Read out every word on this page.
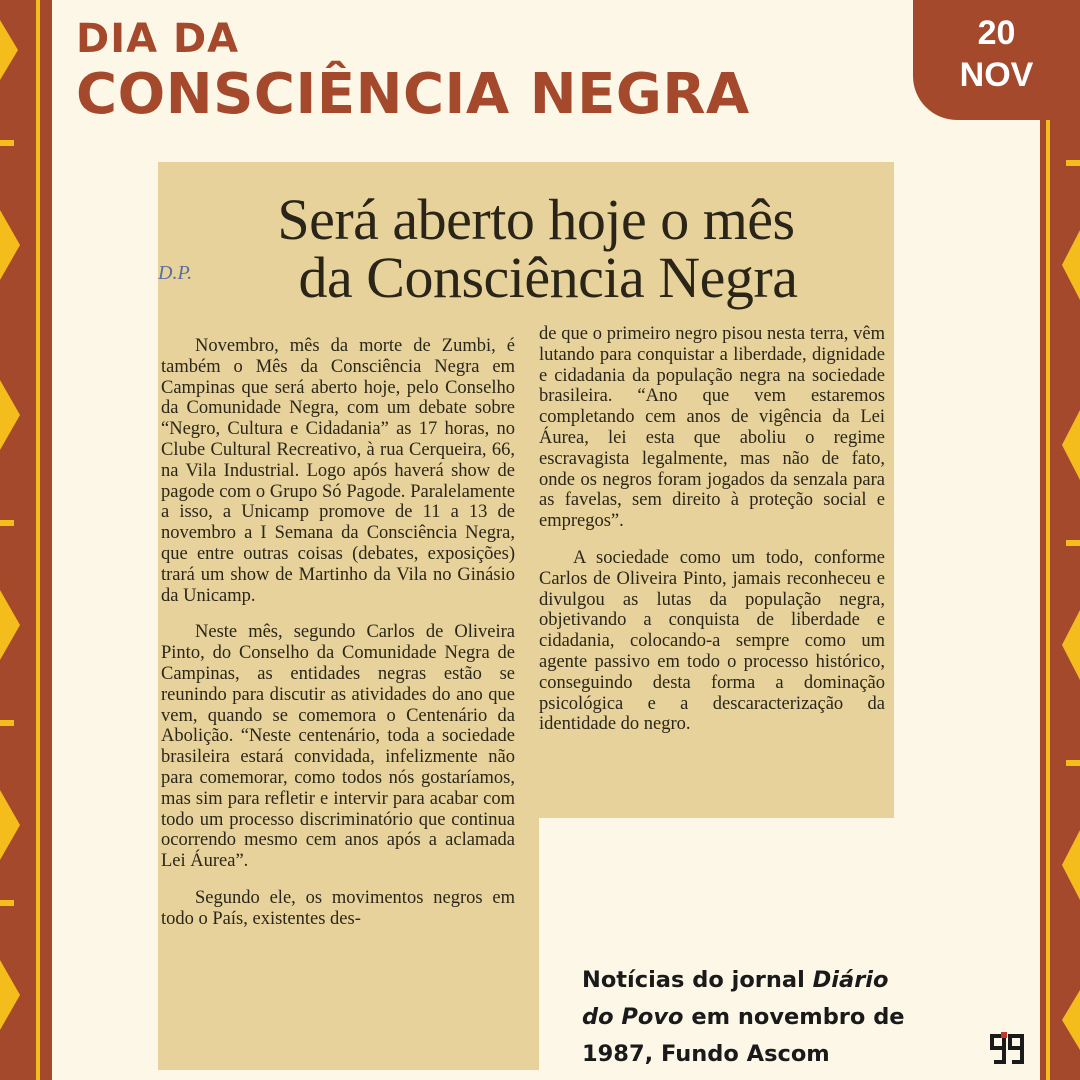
DIA DA
CONSCIÊNCIA NEGRA
20
NOV
D.P.
Será aberto hoje o mês
da Consciência Negra

Novembro, mês da morte de Zumbi, é também o Mês da Consciência Negra em Campinas que será aberto hoje, pelo Conselho da Comunidade Negra, com um debate sobre “Negro, Cultura e Cidadania” as 17 horas, no Clube Cultural Recreativo, à rua Cerqueira, 66, na Vila Industrial. Logo após haverá show de pagode com o Grupo Só Pagode. Paralelamente a isso, a Unicamp promove de 11 a 13 de novembro a I Semana da Consciência Negra, que entre outras coisas (debates, exposições) trará um show de Martinho da Vila no Ginásio da Unicamp.

Neste mês, segundo Carlos de Oliveira Pinto, do Conselho da Comunidade Negra de Campinas, as entidades negras estão se reunindo para discutir as atividades do ano que vem, quando se comemora o Centenário da Abolição. “Neste centenário, toda a sociedade brasileira estará convidada, infelizmente não para comemorar, como todos nós gostaríamos, mas sim para refletir e intervir para acabar com todo um processo discriminatório que continua ocorrendo mesmo cem anos após a aclamada Lei Áurea”.

Segundo ele, os movimentos negros em todo o País, existentes des-

de que o primeiro negro pisou nesta terra, vêm lutando para conquistar a liberdade, dignidade e cidadania da população negra na sociedade brasileira. “Ano que vem estaremos completando cem anos de vigência da Lei Áurea, lei esta que aboliu o regime escravagista legalmente, mas não de fato, onde os negros foram jogados da senzala para as favelas, sem direito à proteção social e empregos”.

A sociedade como um todo, conforme Carlos de Oliveira Pinto, jamais reconheceu e divulgou as lutas da população negra, objetivando a conquista de liberdade e cidadania, colocando-a sempre como um agente passivo em todo o processo histórico, conseguindo desta forma a dominação psicológica e a descaracterização da identidade do negro.

Notícias do jornal Diário do Povo em novembro de 1987, Fundo Ascom
